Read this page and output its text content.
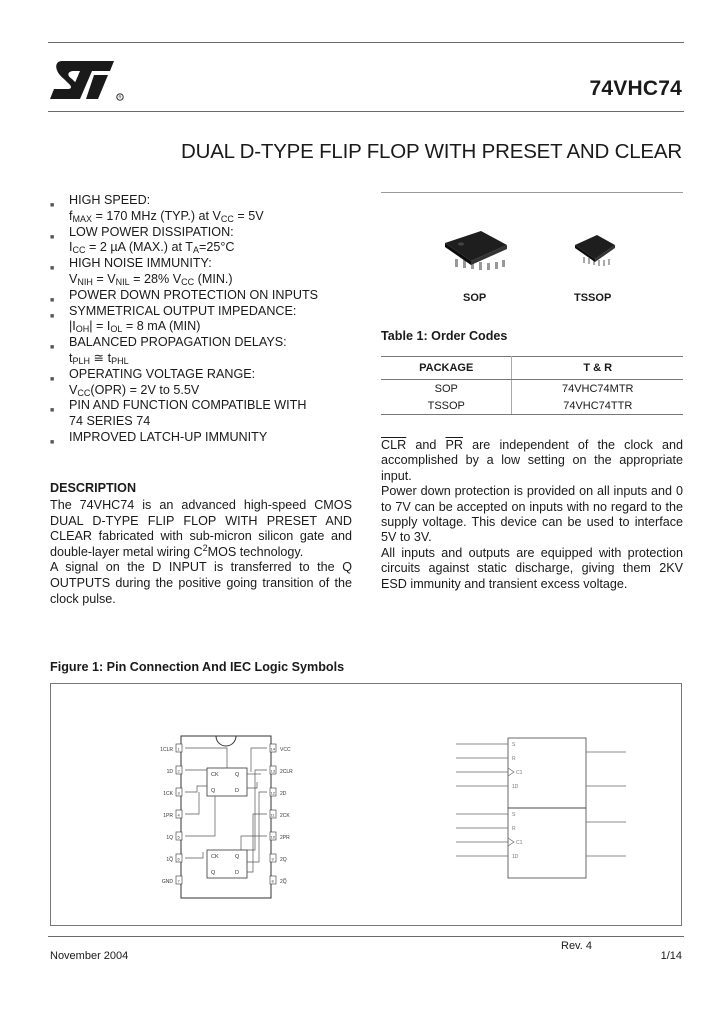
R	74VHC74
DUAL D-TYPE FLIP FLOP WITH PRESET AND CLEAR
■ HIGH SPEED:
$f_{MAX} = 170$ MHz (TYP.) at $V_{CC} = 5V$
■ LOW POWER DISSIPATION:
$I_{CC} = 2$ µA (MAX.) at $T_A=25^\circ C$
■ HIGH NOISE IMMUNITY:
$V_{NIH} = V_{NIL} = 28\%$ $V_{CC}$ (MIN.)
■ POWER DOWN PROTECTION ON INPUTS
■ SYMMETRICAL OUTPUT IMPEDANCE:
$|I_{OH}| = I_{OL} = 8$ mA (MIN)
■ BALANCED PROPAGATION DELAYS:
$t_{PLH}$ ≅ $t_{PHL}$
■ OPERATING VOLTAGE RANGE:
$V_{CC}(OPR) = 2V$ to 5.5V
■ PIN AND FUNCTION COMPATIBLE WITH
74 SERIES 74
■ IMPROVED LATCH-UP IMMUNITY
DESCRIPTION
The 74VHC74 is an advanced high-speed CMOS DUAL D-TYPE FLIP FLOP WITH PRESET AND CLEAR fabricated with sub-micron silicon gate and double-layer metal wiring $C^2MOS$ technology.
A signal on the D INPUT is transferred to the Q OUTPUTS during the positive going transition of the clock pulse.
SOP	TSSOP
Table 1: Order Codes
PACKAGE	T & R
SOP	74VHC74MTR
TSSOP	74VHC74TTR
$\overline{CLR}$ and $\overline{PR}$ are independent of the clock and accomplished by a low setting on the appropriate input.
Power down protection is provided on all inputs and 0 to 7V can be accepted on inputs with no regard to the supply voltage. This device can be used to interface 5V to 3V.
All inputs and outputs are equipped with protection circuits against static discharge, giving them 2KV ESD immunity and transient excess voltage.
Figure 1: Pin Connection And IEC Logic Symbols
CK	Q
Q	D
CK	Q
Q	D
1CLR
1D
1CK
1PR
1Q
1Q̅
GND
VCC
2CLR
2D
2CK
2PR
2Q
2Q̅
1
2
3
4
5
6
7
14
13
12
11
10
9
8
S
R
C1
1D
S
R
C1
1D
Rev. 4
November 2004	1/14
